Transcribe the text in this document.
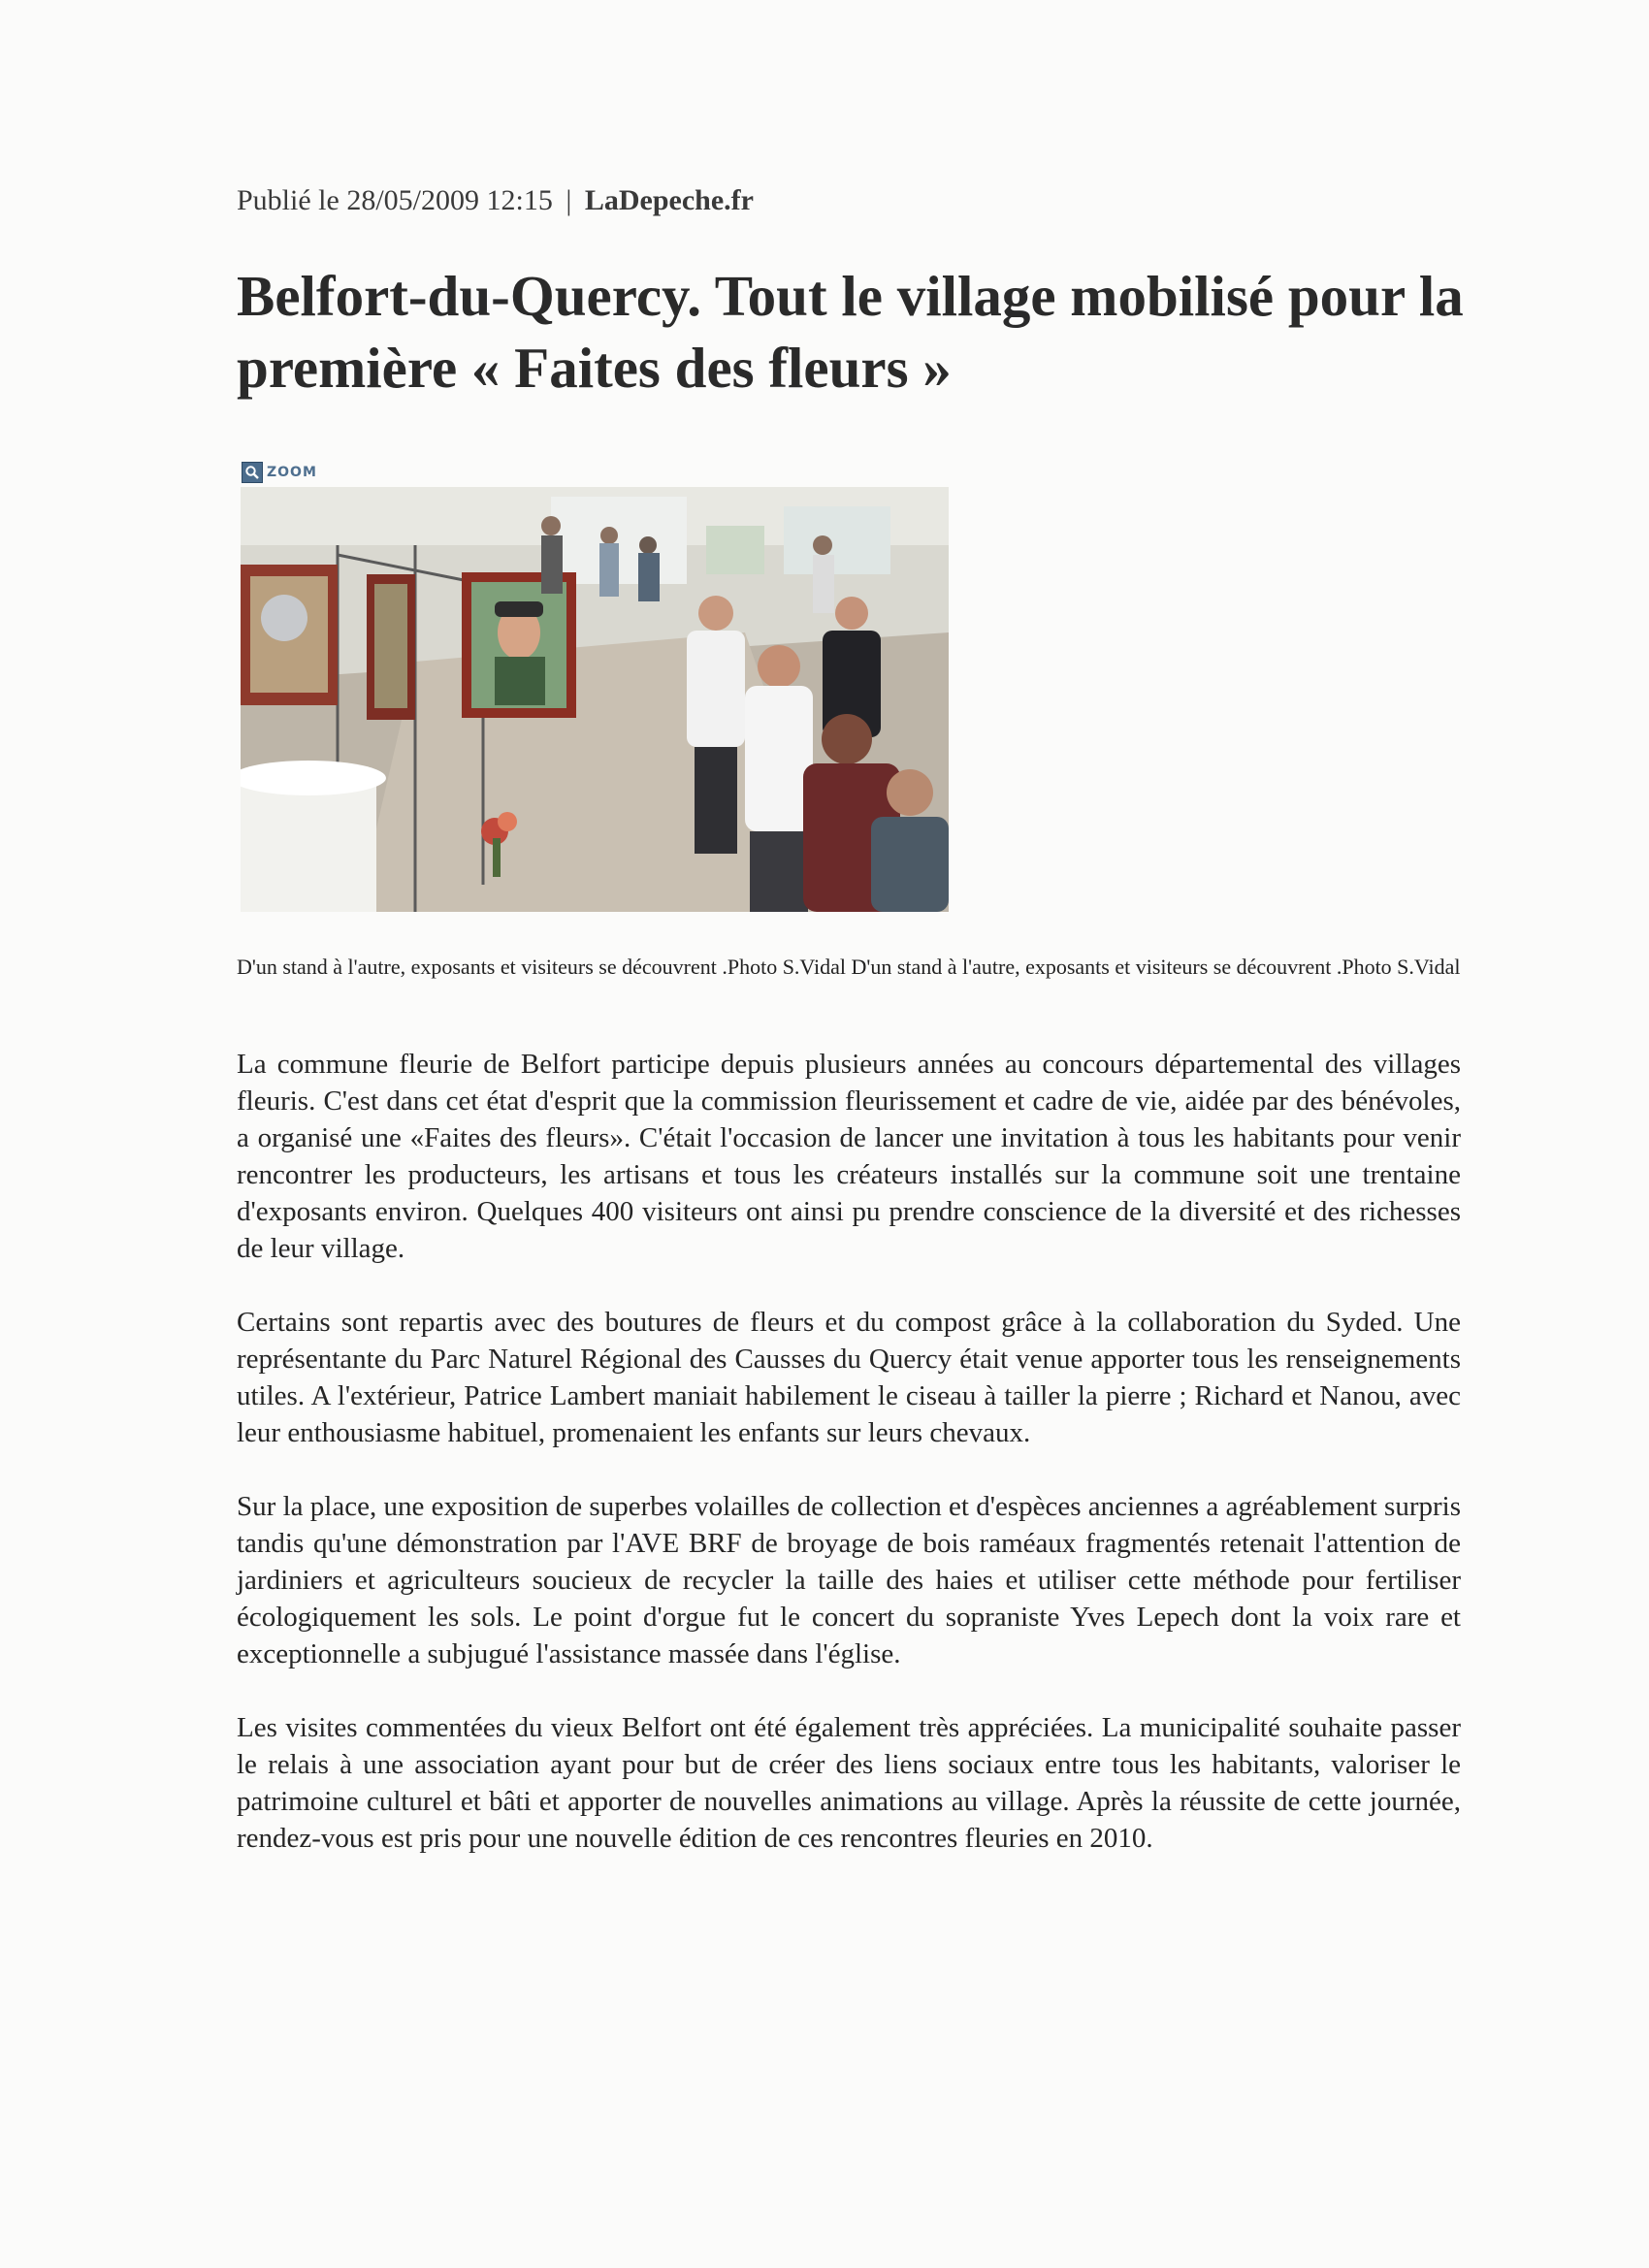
Publié le 28/05/2009 12:15 | LaDepeche.fr
Belfort-du-Quercy. Tout le village mobilisé pour la première « Faites des fleurs »
ZOOM
D'un stand à l'autre, exposants et visiteurs se découvrent .Photo S.Vidal D'un stand à l'autre, exposants et visiteurs se découvrent .Photo S.Vidal

La commune fleurie de Belfort participe depuis plusieurs années au concours départemental des villages fleuris. C'est dans cet état d'esprit que la commission fleurissement et cadre de vie, aidée par des bénévoles, a organisé une «Faites des fleurs». C'était l'occasion de lancer une invitation à tous les habitants pour venir rencontrer les producteurs, les artisans et tous les créateurs installés sur la commune soit une trentaine d'exposants environ. Quelques 400 visiteurs ont ainsi pu prendre conscience de la diversité et des richesses de leur village.

Certains sont repartis avec des boutures de fleurs et du compost grâce à la collaboration du Syded. Une représentante du Parc Naturel Régional des Causses du Quercy était venue apporter tous les renseignements utiles. A l'extérieur, Patrice Lambert maniait habilement le ciseau à tailler la pierre ; Richard et Nanou, avec leur enthousiasme habituel, promenaient les enfants sur leurs chevaux.

Sur la place, une exposition de superbes volailles de collection et d'espèces anciennes a agréablement surpris tandis qu'une démonstration par l'AVE BRF de broyage de bois raméaux fragmentés retenait l'attention de jardiniers et agriculteurs soucieux de recycler la taille des haies et utiliser cette méthode pour fertiliser écologiquement les sols. Le point d'orgue fut le concert du sopraniste Yves Lepech dont la voix rare et exceptionnelle a subjugué l'assistance massée dans l'église.

Les visites commentées du vieux Belfort ont été également très appréciées. La municipalité souhaite passer le relais à une association ayant pour but de créer des liens sociaux entre tous les habitants, valoriser le patrimoine culturel et bâti et apporter de nouvelles animations au village. Après la réussite de cette journée, rendez-vous est pris pour une nouvelle édition de ces rencontres fleuries en 2010.
